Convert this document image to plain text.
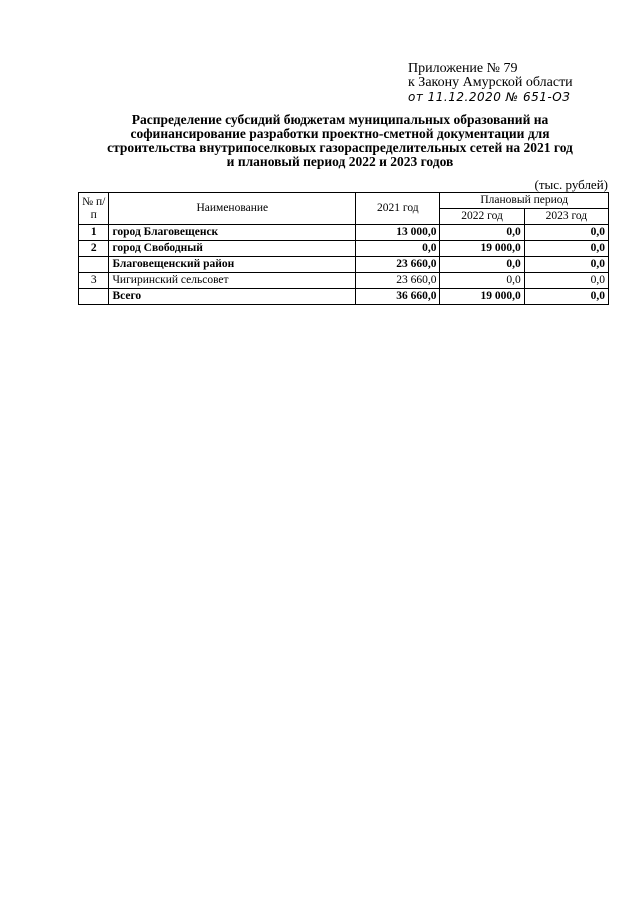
Приложение № 79
к Закону Амурской области
от 11.12.2020 № 651-ОЗ
Распределение субсидий бюджетам муниципальных образований на
софинансирование разработки проектно-сметной документации для
строительства внутрипоселковых газораспределительных сетей на 2021 год
и плановый период 2022 и 2023 годов
(тыс. рублей)
№ п/п	Наименование	2021 год	Плановый период	
			2022 год	2023 год
1	город Благовещенск	13 000,0	0,0	0,0
2	город Свободный	0,0	19 000,0	0,0
	Благовещенский район	23 660,0	0,0	0,0
3	Чигиринский сельсовет	23 660,0	0,0	0,0
	Всего	36 660,0	19 000,0	0,0
